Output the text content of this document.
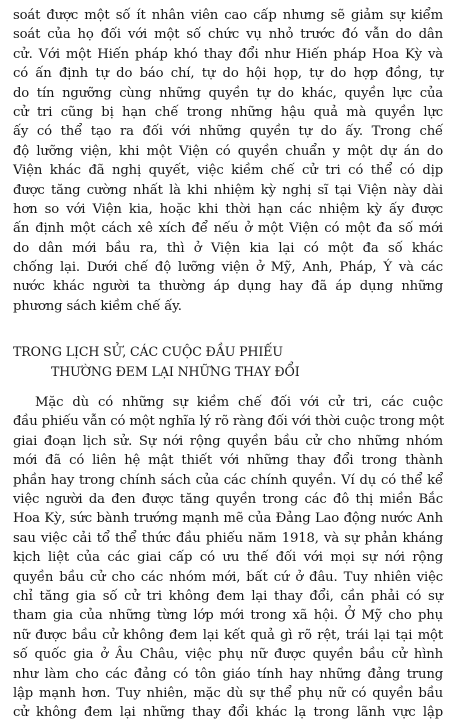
soát được một số ít nhân viên cao cấp nhưng sẽ giảm sự kiểm
soát của họ đối với một số chức vụ nhỏ trước đó vẫn do dân
cử. Với một Hiến pháp khó thay đổi như Hiến pháp Hoa Kỳ và
có ấn định tự do báo chí, tự do hội họp, tự do hợp đồng, tự
do tín ngưỡng cùng những quyền tự do khác, quyền lực của
cử tri cũng bị hạn chế trong những hậu quả mà quyền lực
ấy có thể tạo ra đối với những quyền tự do ấy. Trong chế
độ lưỡng viện, khi một Viện có quyền chuẩn y một dự án do
Viện khác đã nghị quyết, việc kiềm chế cử tri có thể có dịp
được tăng cường nhất là khi nhiệm kỳ nghị sĩ tại Viện này dài
hơn so với Viện kia, hoặc khi thời hạn các nhiệm kỳ ấy được
ấn định một cách xê xích để nếu ở một Viện có một đa số mới
do dân mới bầu ra, thì ở Viện kia lại có một đa số khác
chống lại. Dưới chế độ lưỡng viện ở Mỹ, Anh, Pháp, Ý và các
nước khác người ta thường áp dụng hay đã áp dụng những
phương sách kiềm chế ấy.
TRONG LỊCH SỬ, CÁC CUỘC ĐẦU PHIẾU
THƯỜNG ĐEM LẠI NHỮNG THAY ĐỔI
Mặc dù có những sự kiềm chế đối với cử tri, các cuộc
đầu phiếu vẫn có một nghĩa lý rõ ràng đối với thời cuộc trong một
giai đoạn lịch sử. Sự nới rộng quyền bầu cử cho những nhóm
mới đã có liên hệ mật thiết với những thay đổi trong thành
phần hay trong chính sách của các chính quyền. Ví dụ có thể kể
việc người da đen được tăng quyền trong các đô thị miền Bắc
Hoa Kỳ, sức bành trướng mạnh mẽ của Đảng Lao động nước Anh
sau việc cải tổ thể thức đầu phiếu năm 1918, và sự phản kháng
kịch liệt của các giai cấp có ưu thế đối với mọi sự nới rộng
quyền bầu cử cho các nhóm mới, bất cứ ở đâu. Tuy nhiên việc
chỉ tăng gia số cử tri không đem lại thay đổi, cần phải có sự
tham gia của những từng lớp mới trong xã hội. Ở Mỹ cho phụ
nữ được bầu cử không đem lại kết quả gì rõ rệt, trái lại tại một
số quốc gia ở Âu Châu, việc phụ nữ được quyền bầu cử hình
như làm cho các đảng có tôn giáo tính hay những đảng trung
lập mạnh hơn. Tuy nhiên, mặc dù sự thể phụ nữ có quyền bầu
cử không đem lại những thay đổi khác lạ trong lãnh vực lập
